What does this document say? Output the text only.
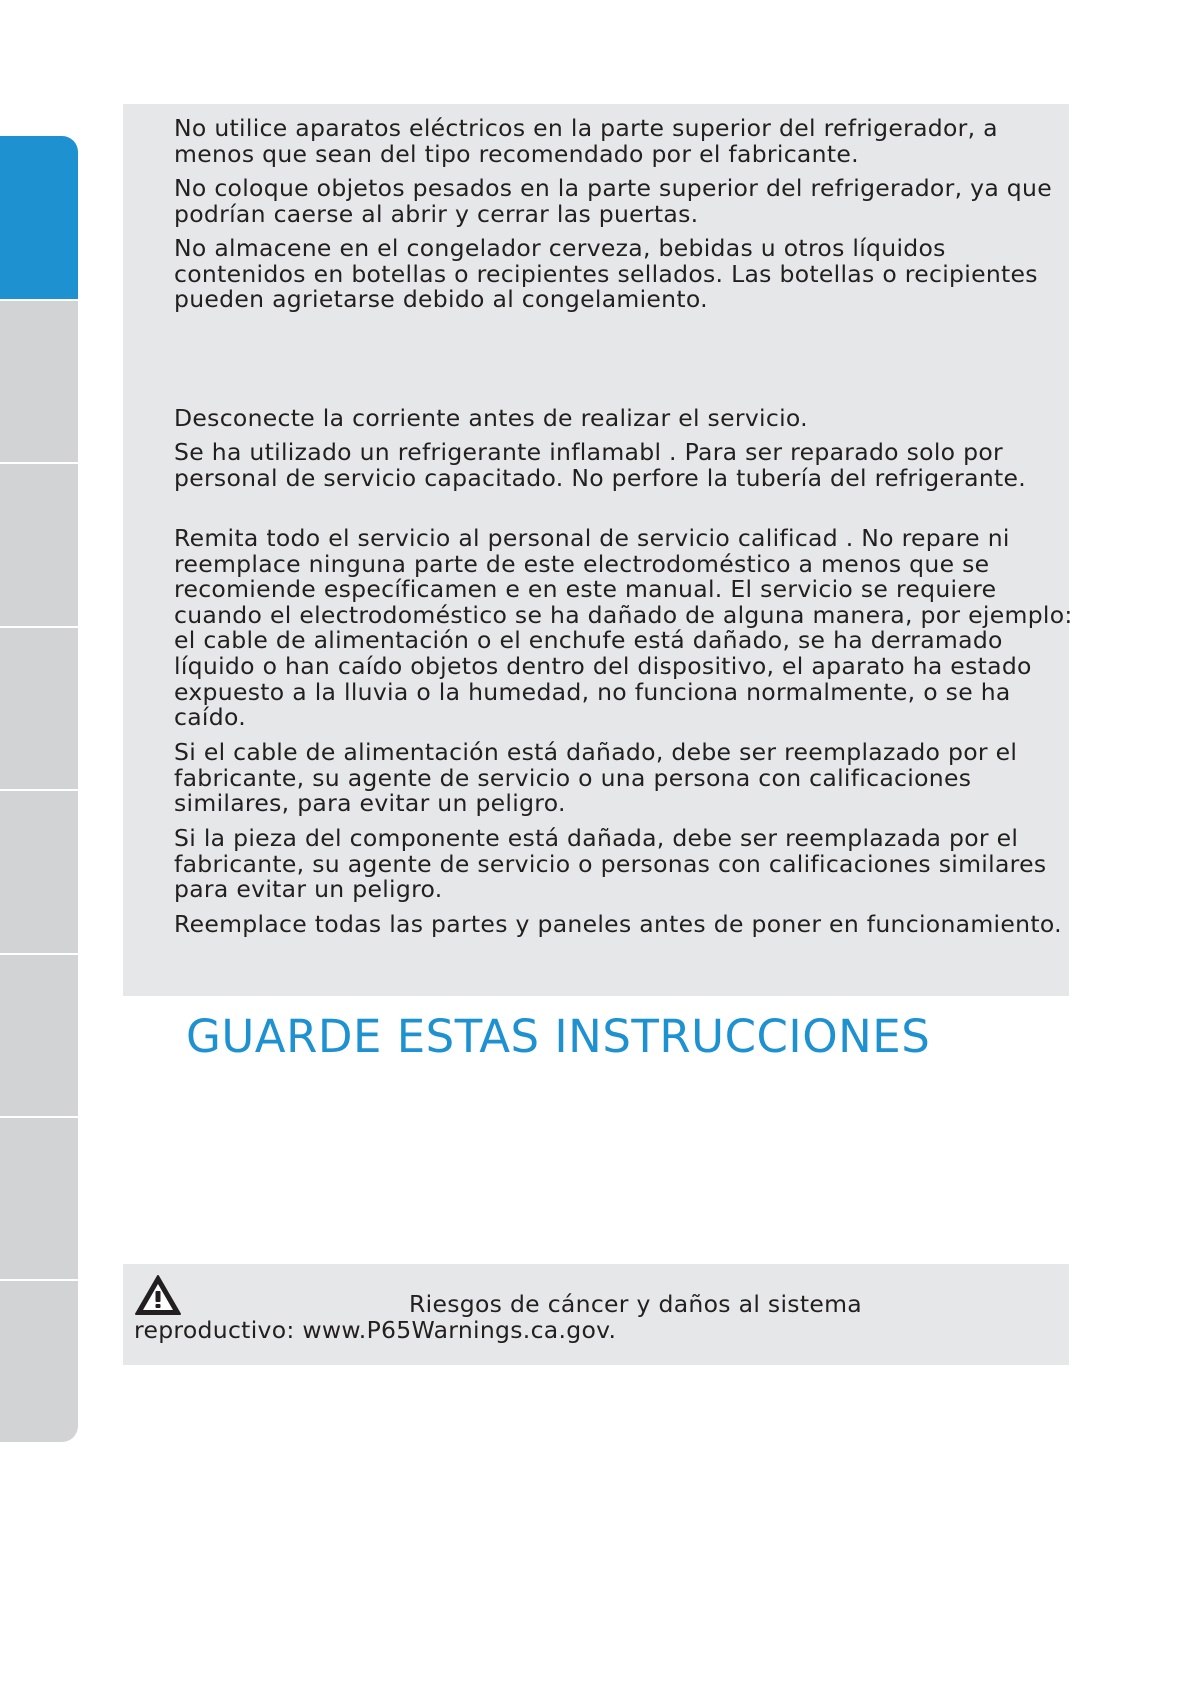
No utilice aparatos eléctricos en la parte superior del refrigerador, a menos que sean del tipo recomendado por el fabricante.

No coloque objetos pesados en la parte superior del refrigerador, ya que podrían caerse al abrir y cerrar las puertas.

No almacene en el congelador cerveza, bebidas u otros líquidos contenidos en botellas o recipientes sellados. Las botellas o recipientes pueden agrietarse debido al congelamiento.

Desconecte la corriente antes de realizar el servicio.

Se ha utilizado un refrigerante inflamabl . Para ser reparado solo por personal de servicio capacitado. No perfore la tubería del refrigerante.

Remita todo el servicio al personal de servicio calificad . No repare ni reemplace ninguna parte de este electrodoméstico a menos que se recomiende específicamen e en este manual. El servicio se requiere cuando el electrodoméstico se ha dañado de alguna manera, por ejemplo: el cable de alimentación o el enchufe está dañado, se ha derramado líquido o han caído objetos dentro del dispositivo, el aparato ha estado expuesto a la lluvia o la humedad, no funciona normalmente, o se ha caído.

Si el cable de alimentación está dañado, debe ser reemplazado por el fabricante, su agente de servicio o una persona con calificaciones similares, para evitar un peligro.

Si la pieza del componente está dañada, debe ser reemplazada por el fabricante, su agente de servicio o personas con calificaciones similares para evitar un peligro.

Reemplace todas las partes y paneles antes de poner en funcionamiento.

GUARDE ESTAS INSTRUCCIONES

Riesgos de cáncer y daños al sistema

reproductivo: www.P65Warnings.ca.gov.
